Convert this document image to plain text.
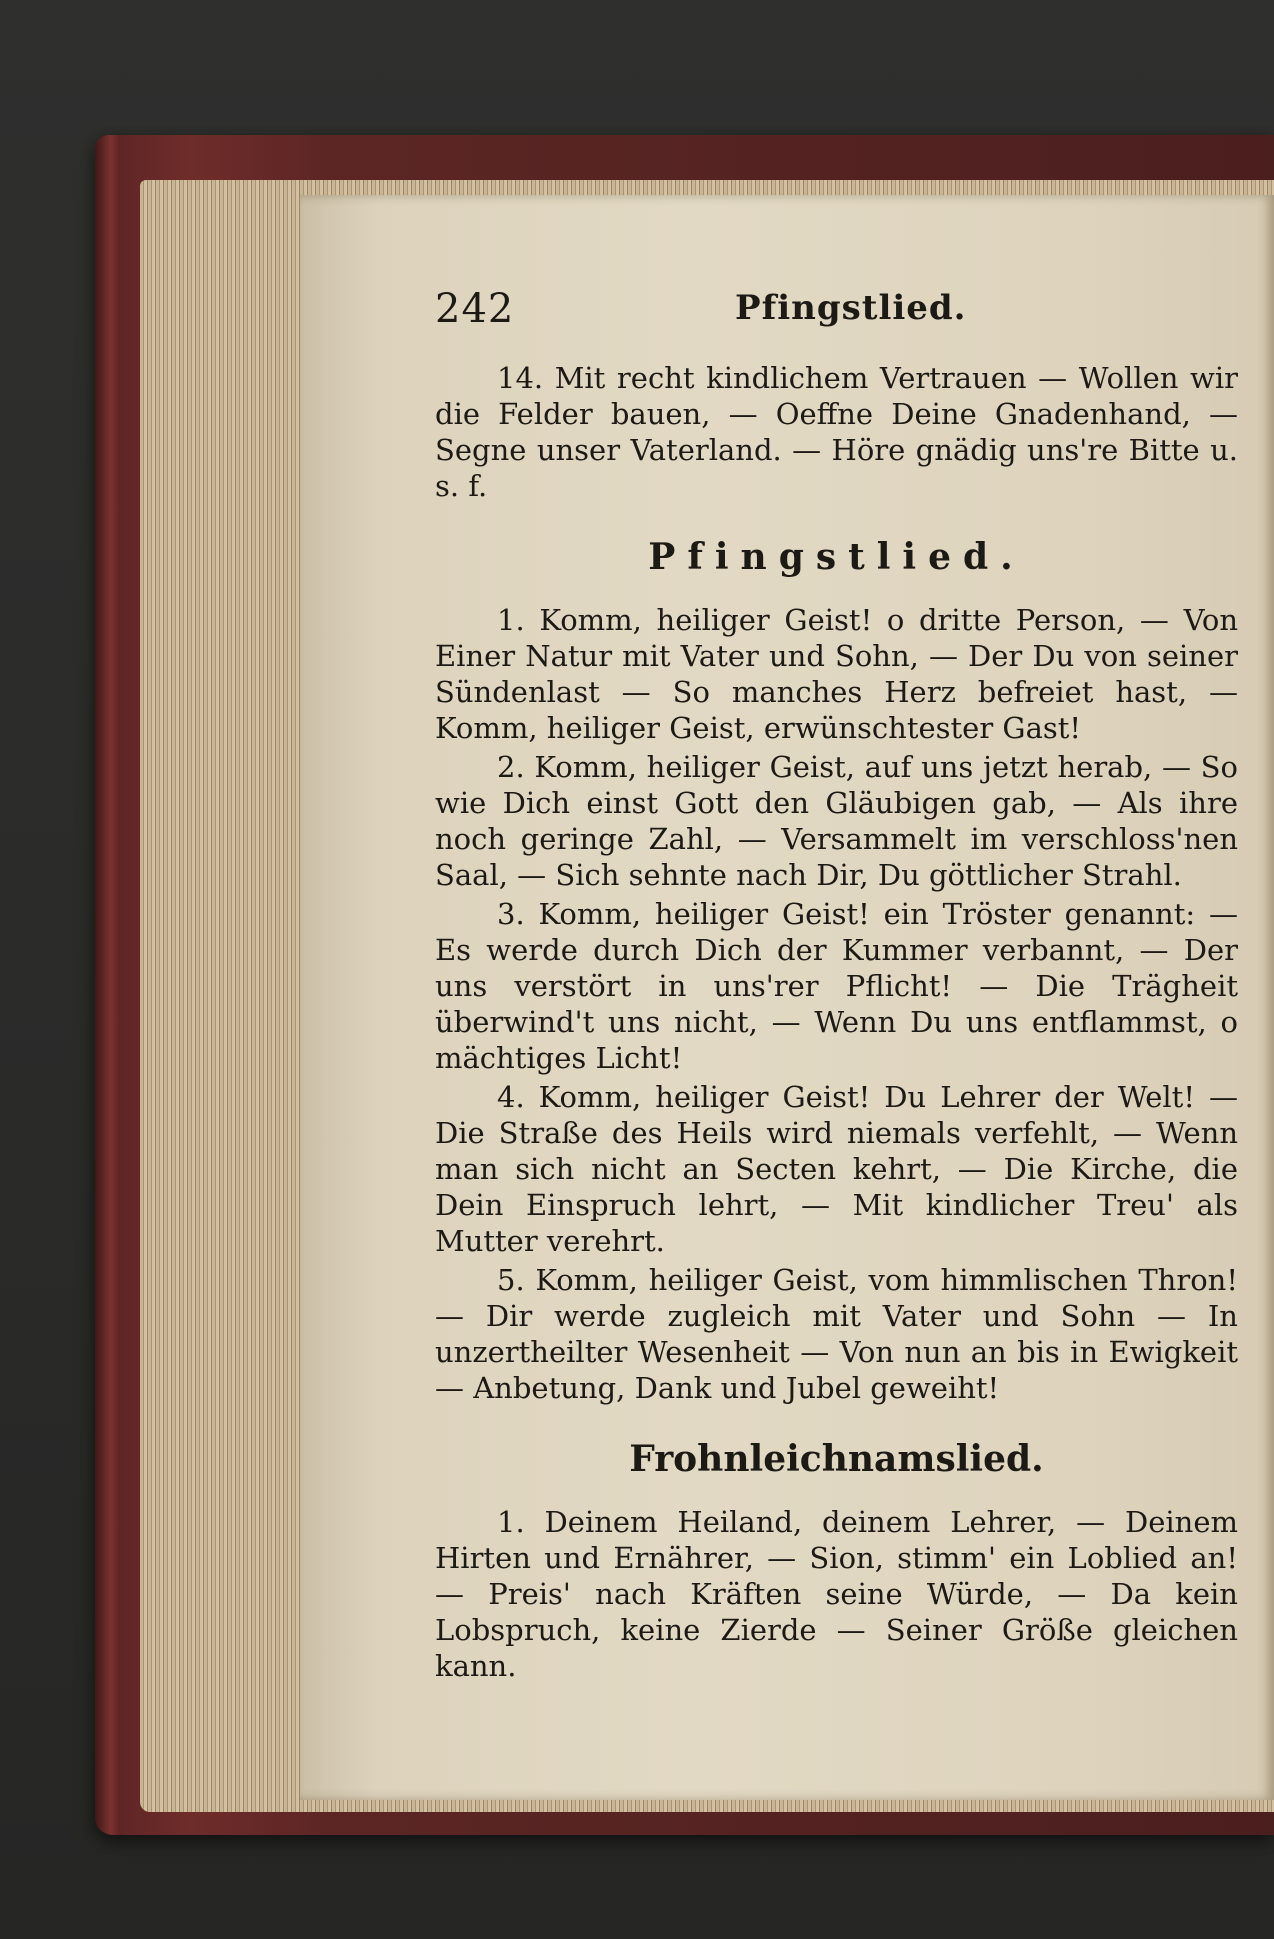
242	Pfingstlied.

14. Mit recht kindlichem Vertrauen — Wollen wir die Felder bauen, — Oeffne Deine Gnadenhand, — Segne unser Vaterland. — Höre gnädig uns're Bitte u. s. f.

Pfingstlied.

1. Komm, heiliger Geist! o dritte Person, — Von Einer Natur mit Vater und Sohn, — Der Du von seiner Sündenlast — So manches Herz befreiet hast, — Komm, heiliger Geist, erwünschtester Gast!

2. Komm, heiliger Geist, auf uns jetzt herab, — So wie Dich einst Gott den Gläubigen gab, — Als ihre noch geringe Zahl, — Versammelt im verschloss'nen Saal, — Sich sehnte nach Dir, Du göttlicher Strahl.

3. Komm, heiliger Geist! ein Tröster genannt: — Es werde durch Dich der Kummer verbannt, — Der uns verstört in uns'rer Pflicht! — Die Trägheit überwind't uns nicht, — Wenn Du uns entflammst, o mächtiges Licht!

4. Komm, heiliger Geist! Du Lehrer der Welt! — Die Straße des Heils wird niemals verfehlt, — Wenn man sich nicht an Secten kehrt, — Die Kirche, die Dein Einspruch lehrt, — Mit kindlicher Treu' als Mutter verehrt.

5. Komm, heiliger Geist, vom himmlischen Thron! — Dir werde zugleich mit Vater und Sohn — In unzertheilter Wesenheit — Von nun an bis in Ewigkeit — Anbetung, Dank und Jubel geweiht!

Frohnleichnamslied.

1. Deinem Heiland, deinem Lehrer, — Deinem Hirten und Ernährer, — Sion, stimm' ein Loblied an! — Preis' nach Kräften seine Würde, — Da kein Lobspruch, keine Zierde — Seiner Größe gleichen kann.
